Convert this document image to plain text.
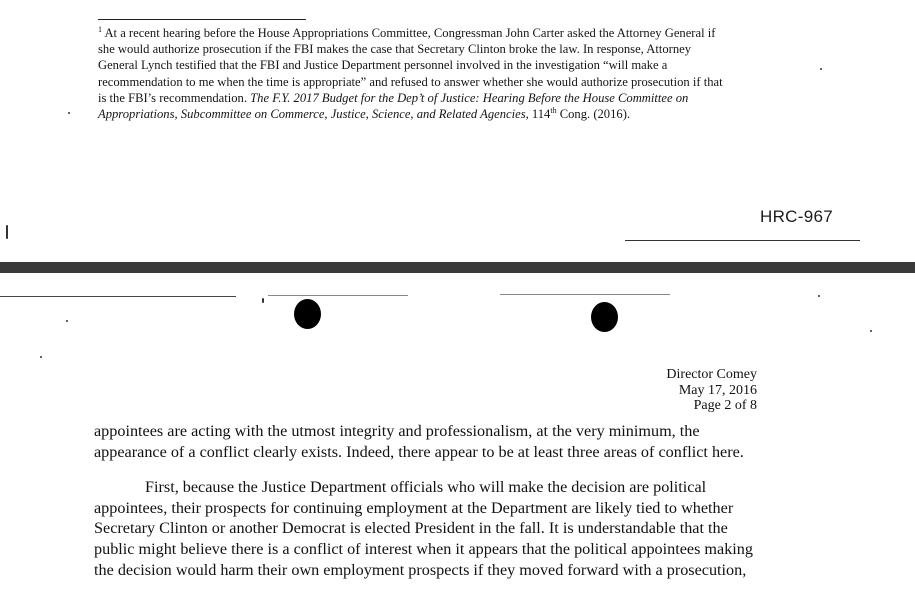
$^1$ At a recent hearing before the House Appropriations Committee, Congressman John Carter asked the Attorney General if
she would authorize prosecution if the FBI makes the case that Secretary Clinton broke the law. In response, Attorney
General Lynch testified that the FBI and Justice Department personnel involved in the investigation “will make a
recommendation to me when the time is appropriate” and refused to answer whether she would authorize prosecution if that
is the FBI’s recommendation. The F.Y. 2017 Budget for the Dep’t of Justice: Hearing Before the House Committee on
Appropriations, Subcommittee on Commerce, Justice, Science, and Related Agencies, 114th Cong. (2016).
HRC-967
Director Comey
May 17, 2016
Page 2 of 8
appointees are acting with the utmost integrity and professionalism, at the very minimum, the
appearance of a conflict clearly exists. Indeed, there appear to be at least three areas of conflict here.
First, because the Justice Department officials who will make the decision are political
appointees, their prospects for continuing employment at the Department are likely tied to whether
Secretary Clinton or another Democrat is elected President in the fall. It is understandable that the
public might believe there is a conflict of interest when it appears that the political appointees making
the decision would harm their own employment prospects if they moved forward with a prosecution,
